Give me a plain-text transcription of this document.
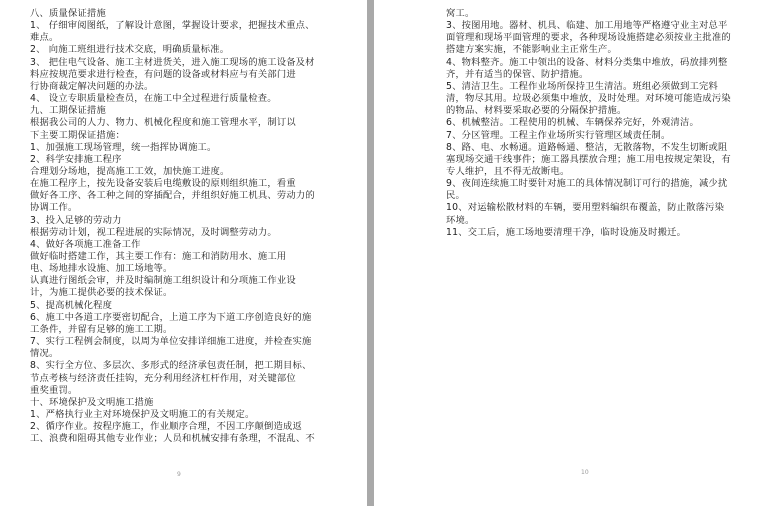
八、质量保证措施
1、 仔细审阅图纸，了解设计意图，掌握设计要求，把握技术重点、
难点。
2、 向施工班组进行技术交底，明确质量标准。
3、 把住电气设备、施工主材进货关，进入施工现场的施工设备及材
料应按规范要求进行检查，有问题的设备或材料应与有关部门进
行协商裁定解决问题的办法。
4、 设立专职质量检查员，在施工中全过程进行质量检查。
九、工期保证措施
根据我公司的人力、物力、机械化程度和施工管理水平，制订以
下主要工期保证措施：
1、加强施工现场管理，统一指挥协调施工。
2、科学安排施工程序
合理划分场地，提高施工工效，加快施工进度。
在施工程序上，按先设备安装后电缆敷设的原则组织施工，看重
做好各工序、各工种之间的穿插配合，并组织好施工机具、劳动力的
协调工作。
3、投入足够的劳动力
根据劳动计划，视工程进展的实际情况，及时调整劳动力。
4、做好各项施工准备工作
做好临时搭建工作，其主要工作有：施工和消防用水、施工用
电、场地排水设施、加工场地等。
认真进行图纸会审，并及时编制施工组织设计和分项施工作业设
计，为施工提供必要的技术保证。
5、提高机械化程度
6、施工中各道工序要密切配合，上道工序为下道工序创造良好的施
工条件，并留有足够的施工工期。
7、实行工程例会制度，以周为单位安排详细施工进度，并检查实施
情况。
8、实行全方位、多层次、多形式的经济承包责任制，把工期目标、
节点考核与经济责任挂钩，充分利用经济杠杆作用，对关键部位
重奖重罚。
十、环境保护及文明施工措施
1、严格执行业主对环境保护及文明施工的有关规定。
2、循序作业。按程序施工，作业顺序合理，不因工序颠倒造成返
工、浪费和阻碍其他专业作业；人员和机械安排有条理，不混乱、不
9
窝工。
3、按图用地。器材、机具、临建、加工用地等严格遵守业主对总平
面管理和现场平面管理的要求，各种现场设施搭建必须按业主批准的
搭建方案实施，不能影响业主正常生产。
4、物料整齐。施工中领出的设备、材料分类集中堆放，码放排列整
齐，并有适当的保管、防护措施。
5、清洁卫生。工程作业场所保持卫生清洁。班组必须做到工完料
清，物尽其用。垃圾必须集中堆放，及时处理。对环境可能造成污染
的物品、材料要采取必要的分隔保护措施。
6、机械整洁。工程使用的机械、车辆保养完好，外观清洁。
7、分区管理。工程主作业场所实行管理区域责任制。
8、路、电、水畅通。道路畅通、整洁，无散落物，不发生切断或阻
塞现场交通干线事件；施工器具摆放合理；施工用电按规定架设，有
专人维护，且不得无故断电。
9、夜间连续施工时要针对施工的具体情况制订可行的措施，减少扰
民。
10、对运输松散材料的车辆，要用塑料编织布覆盖，防止散落污染
环境。
11、交工后，施工场地要清理干净，临时设施及时搬迁。
10
